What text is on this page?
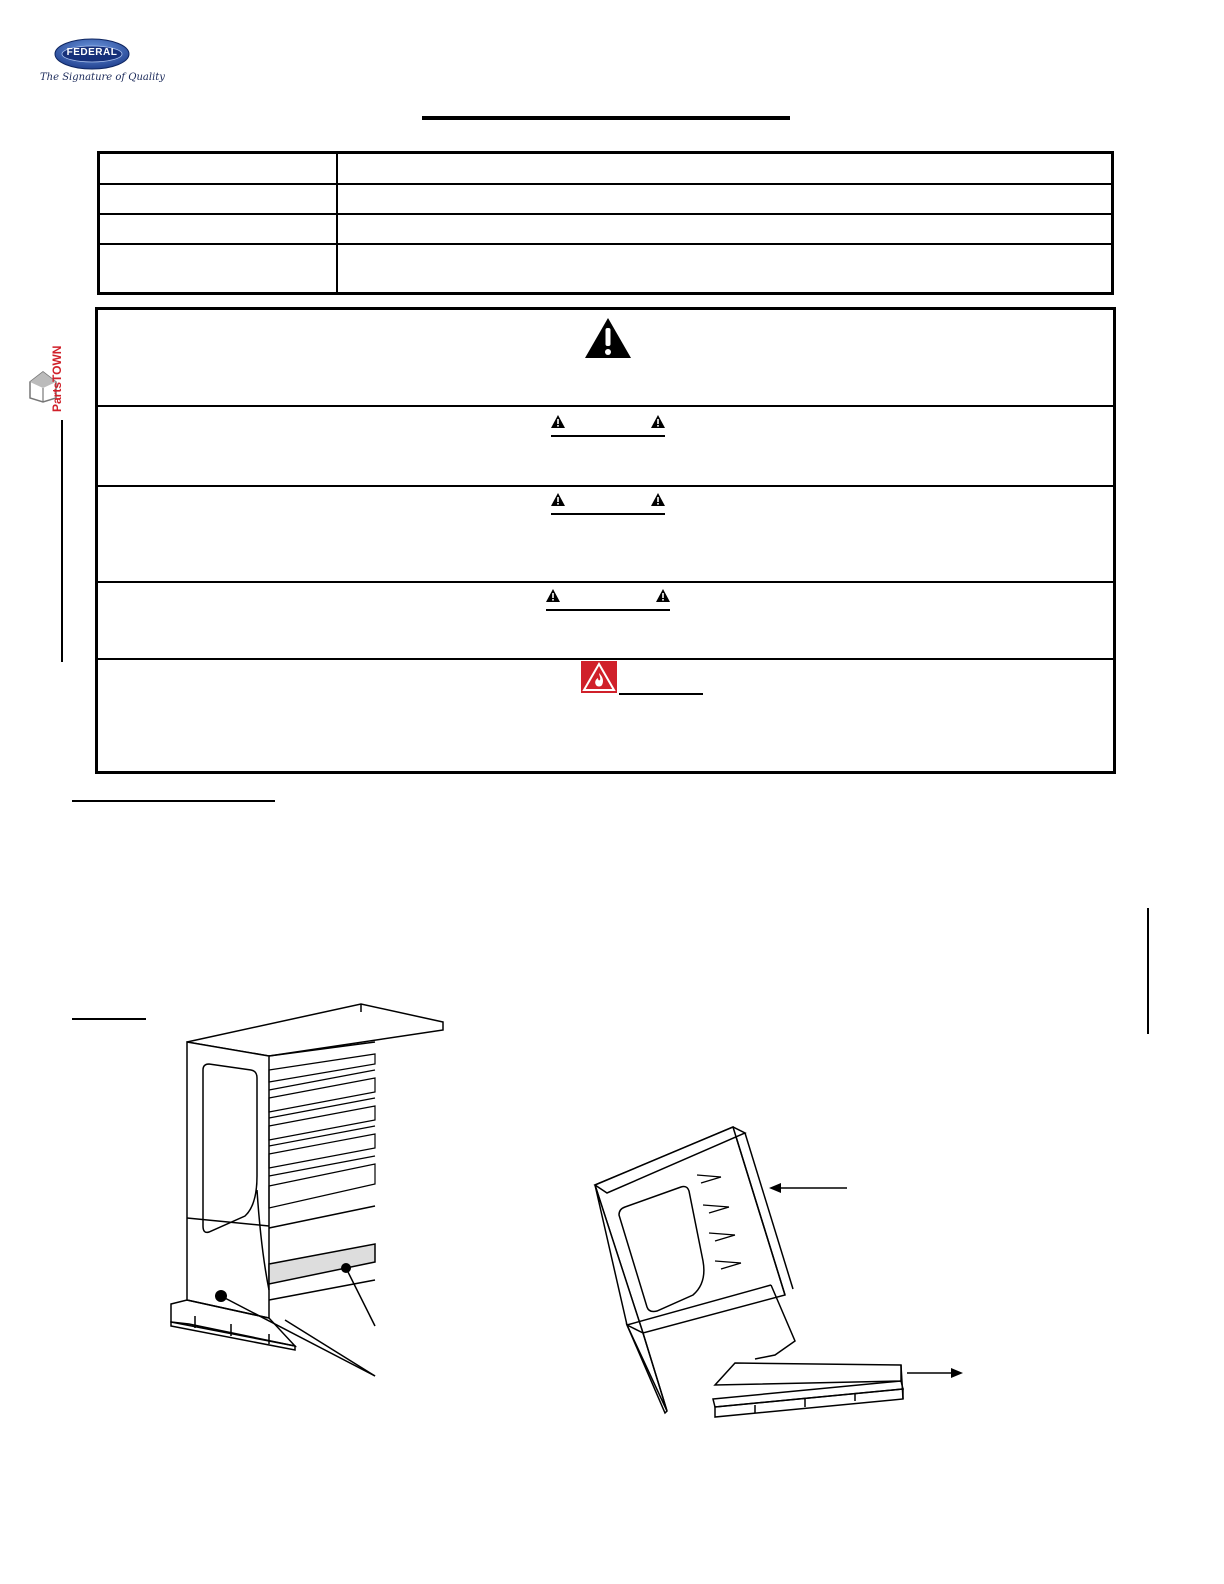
FEDERAL
The Signature of Quality
PartsTOWN
